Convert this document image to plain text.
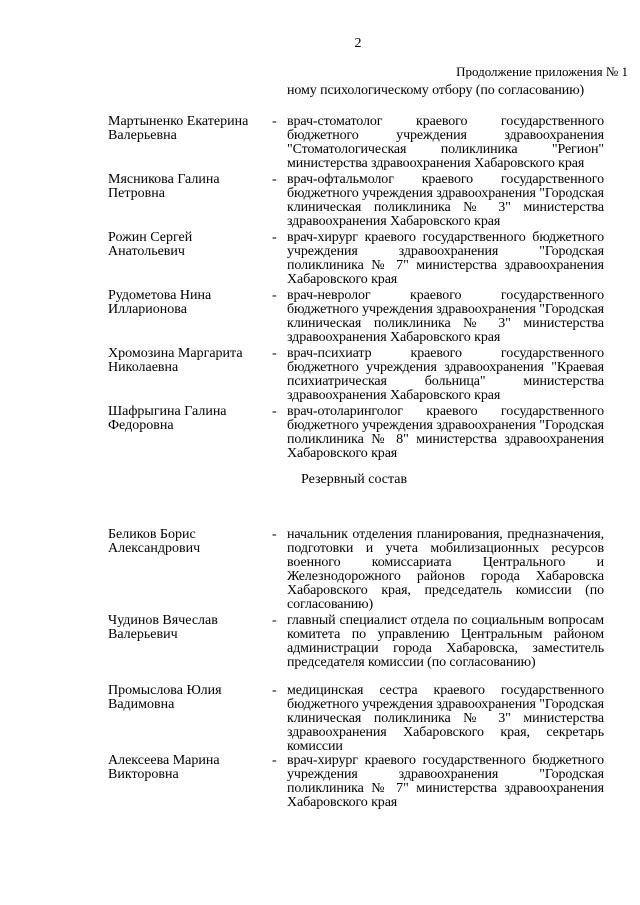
2
Продолжение приложения № 1
ному психологическому отбору (по согласованию)
Мартыненко Екатерина Валерьевна
- врач-стоматолог краевого государственного бюджетного учреждения здравоохранения "Стоматологическая поликлиника "Регион" министерства здравоохранения Хабаровского края
Мясникова Галина Петровна
- врач-офтальмолог краевого государственного бюджетного учреждения здравоохранения "Городская клиническая поликлиника № 3" министерства здравоохранения Хабаровского края
Рожин Сергей Анатольевич
- врач-хирург краевого государственного бюджетного учреждения здравоохранения "Городская поликлиника № 7" министерства здравоохранения Хабаровского края
Рудометова Нина Илларионова
- врач-невролог краевого государственного бюджетного учреждения здравоохранения "Городская клиническая поликлиника № 3" министерства здравоохранения Хабаровского края
Хромозина Маргарита Николаевна
- врач-психиатр краевого государственного бюджетного учреждения здравоохранения "Краевая психиатрическая больница" министерства здравоохранения Хабаровского края
Шафрыгина Галина Федоровна
- врач-отоларинголог краевого государственного бюджетного учреждения здравоохранения "Городская поликлиника № 8" министерства здравоохранения Хабаровского края
Резервный состав
Беликов Борис Александрович
- начальник отделения планирования, предназначения, подготовки и учета мобилизационных ресурсов военного комиссариата Центрального и Железнодорожного районов города Хабаровска Хабаровского края, председатель комиссии (по согласованию)
Чудинов Вячеслав Валерьевич
- главный специалист отдела по социальным вопросам комитета по управлению Центральным районом администрации города Хабаровска, заместитель председателя комиссии (по согласованию)
Промыслова Юлия Вадимовна
- медицинская сестра краевого государственного бюджетного учреждения здравоохранения "Городская клиническая поликлиника № 3" министерства здравоохранения Хабаровского края, секретарь комиссии
Алексеева Марина Викторовна
- врач-хирург краевого государственного бюджетного учреждения здравоохранения "Городская поликлиника № 7" министерства здравоохранения Хабаровского края
